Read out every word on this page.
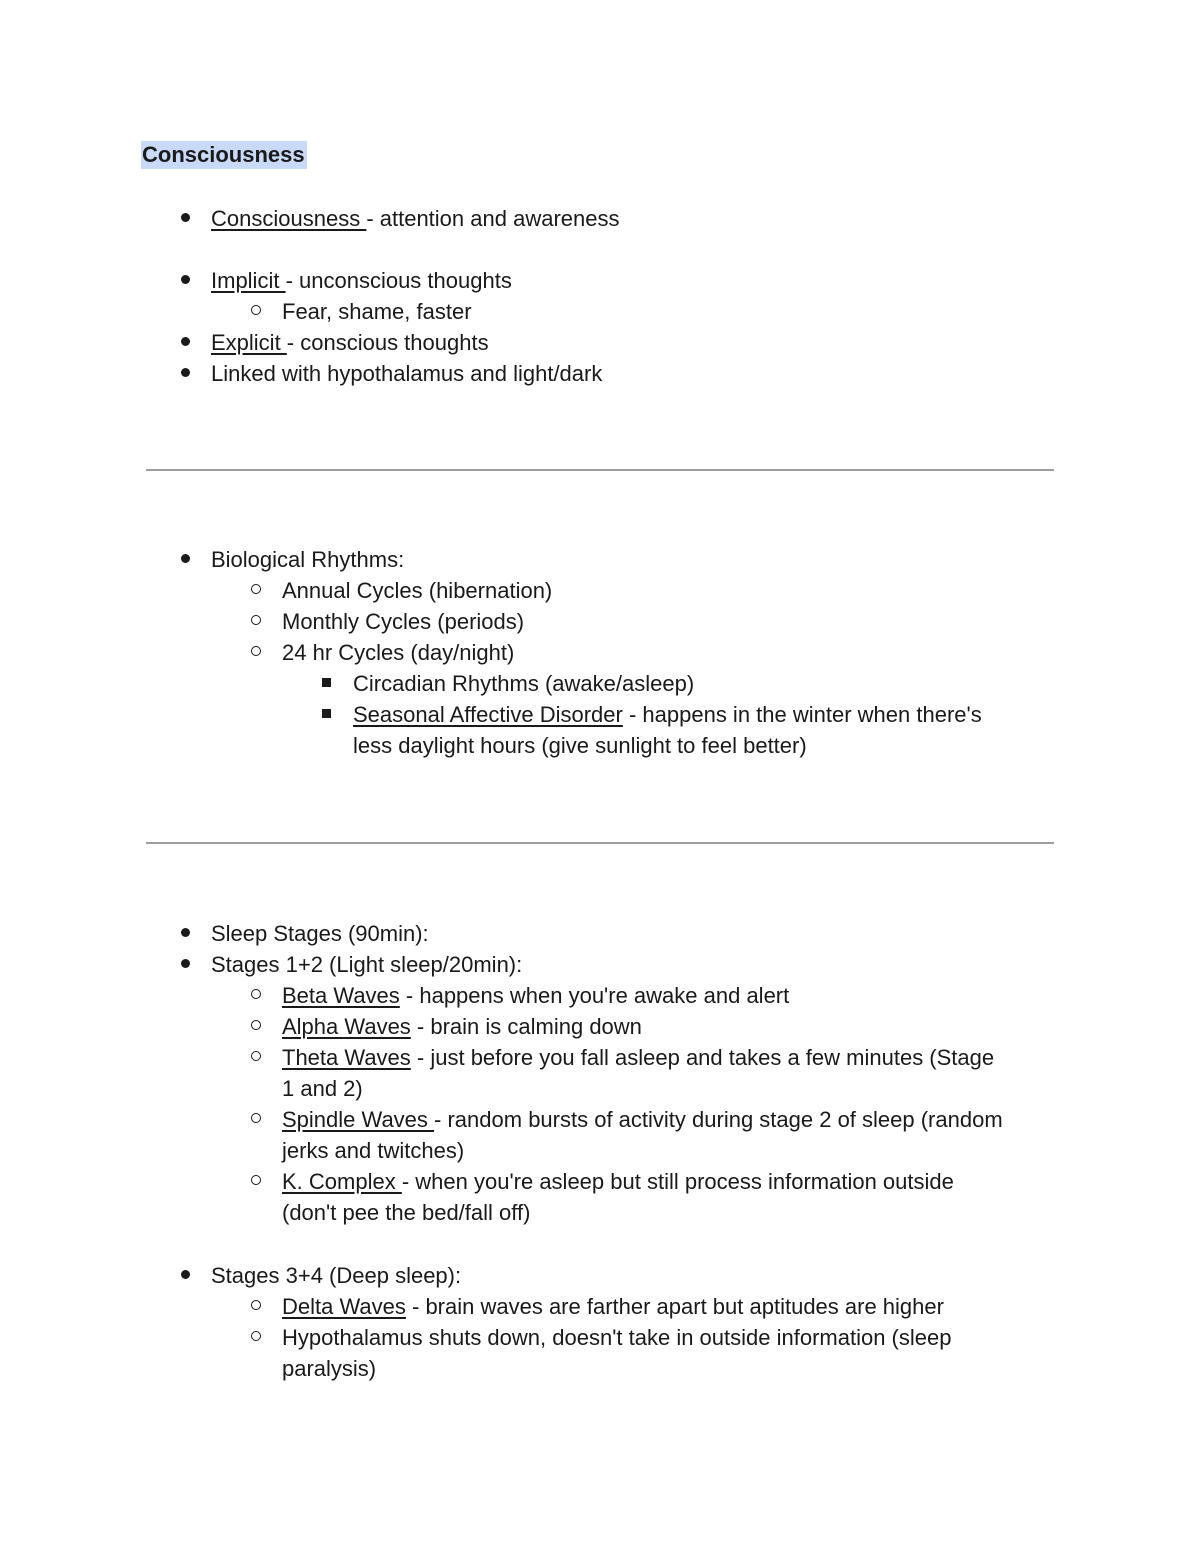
Consciousness
Consciousness - attention and awareness
Implicit - unconscious thoughts
Fear, shame, faster
Explicit - conscious thoughts
Linked with hypothalamus and light/dark
Biological Rhythms:
Annual Cycles (hibernation)
Monthly Cycles (periods)
24 hr Cycles (day/night)
Circadian Rhythms (awake/asleep)
Seasonal Affective Disorder - happens in the winter when there's
less daylight hours (give sunlight to feel better)
Sleep Stages (90min):
Stages 1+2 (Light sleep/20min):
Beta Waves - happens when you're awake and alert
Alpha Waves - brain is calming down
Theta Waves - just before you fall asleep and takes a few minutes (Stage
1 and 2)
Spindle Waves - random bursts of activity during stage 2 of sleep (random
jerks and twitches)
K. Complex - when you're asleep but still process information outside
(don't pee the bed/fall off)
Stages 3+4 (Deep sleep):
Delta Waves - brain waves are farther apart but aptitudes are higher
Hypothalamus shuts down, doesn't take in outside information (sleep
paralysis)
